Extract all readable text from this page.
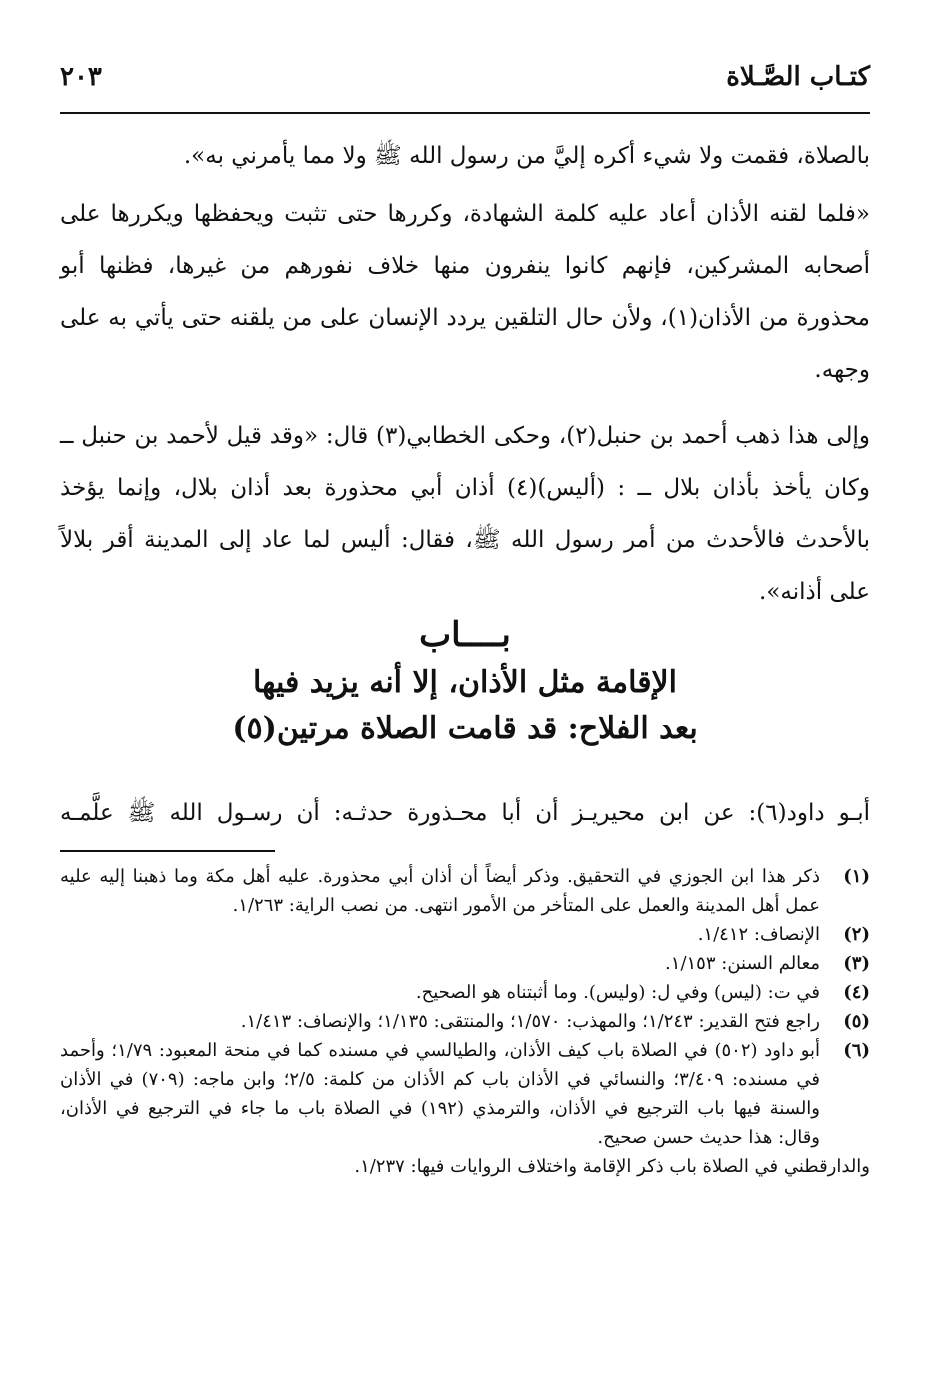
كتـاب الصَّـلاة
٢٠٣

بالصلاة، فقمت ولا شيء أكره إليَّ من رسول الله ﷺ ولا مما يأمرني به».

«فلما لقنه الأذان أعاد عليه كلمة الشهادة، وكررها حتى تثبت ويحفظها ويكررها على أصحابه المشركين، فإنهم كانوا ينفرون منها خلاف نفورهم من غيرها، فظنها أبو محذورة من الأذان(١)، ولأن حال التلقين يردد الإنسان على من يلقنه حتى يأتي به على وجهه.

وإلى هذا ذهب أحمد بن حنبل(٢)، وحكى الخطابي(٣) قال: «وقد قيل لأحمد بن حنبل ــ وكان يأخذ بأذان بلال ــ : (أليس)(٤) أذان أبي محذورة بعد أذان بلال، وإنما يؤخذ بالأحدث فالأحدث من أمر رسول الله ﷺ، فقال: أليس لما عاد إلى المدينة أقر بلالاً على أذانه».

بــــاب
الإقامة مثل الأذان، إلا أنه يزيد فيها
بعد الفلاح: قد قامت الصلاة مرتين(٥)
أبـو داود(٦): عن ابن محيريـز أن أبا محـذورة حدثـه: أن رسـول الله ﷺ علَّمـه
(١)
ذكر هذا ابن الجوزي في التحقيق. وذكر أيضاً أن أذان أبي محذورة. عليه أهل مكة وما ذهبنا إليه عليه عمل أهل المدينة والعمل على المتأخر من الأمور انتهى. من نصب الراية: ١/٢٦٣.
(٢)
الإنصاف: ١/٤١٢.
(٣)
معالم السنن: ١/١٥٣.
(٤)
في ت: (ليس) وفي ل: (وليس). وما أثبتناه هو الصحيح.
(٥)
راجع فتح القدير: ١/٢٤٣؛ والمهذب: ١/٥٧٠؛ والمنتقى: ١/١٣٥؛ والإنصاف: ١/٤١٣.
(٦)
أبو داود (٥٠٢) في الصلاة باب كيف الأذان، والطيالسي في مسنده كما في منحة المعبود: ١/٧٩؛ وأحمد في مسنده: ٣/٤٠٩؛ والنسائي في الأذان باب كم الأذان من كلمة: ٢/٥؛ وابن ماجه: (٧٠٩) في الأذان والسنة فيها باب الترجيع في الأذان، والترمذي (١٩٢) في الصلاة باب ما جاء في الترجيع في الأذان، وقال: هذا حديث حسن صحيح.
والدارقطني في الصلاة باب ذكر الإقامة واختلاف الروايات فيها: ١/٢٣٧.
